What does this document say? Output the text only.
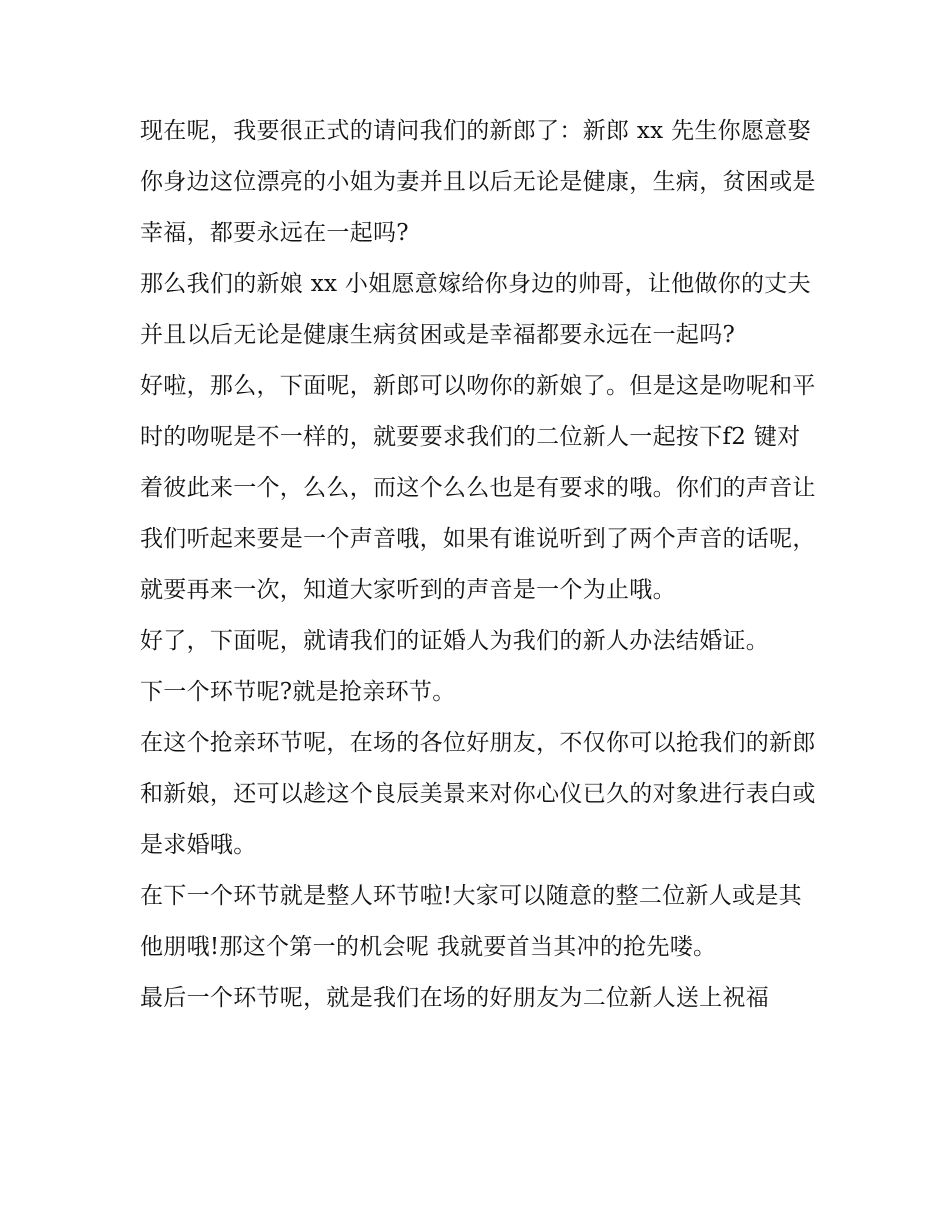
现在呢，我要很正式的请问我们的新郎了：新郎 xx 先生你愿意娶你身边这位漂亮的小姐为妻并且以后无论是健康，生病，贫困或是幸福，都要永远在一起吗?

那么我们的新娘 xx 小姐愿意嫁给你身边的帅哥，让他做你的丈夫并且以后无论是健康生病贫困或是幸福都要永远在一起吗?

好啦，那么，下面呢，新郎可以吻你的新娘了。但是这是吻呢和平时的吻呢是不一样的，就要要求我们的二位新人一起按下f2 键对着彼此来一个，么么，而这个么么也是有要求的哦。你们的声音让我们听起来要是一个声音哦，如果有谁说听到了两个声音的话呢，就要再来一次，知道大家听到的声音是一个为止哦。

好了，下面呢，就请我们的证婚人为我们的新人办法结婚证。

下一个环节呢?就是抢亲环节。

在这个抢亲环节呢，在场的各位好朋友，不仅你可以抢我们的新郎和新娘，还可以趁这个良辰美景来对你心仪已久的对象进行表白或是求婚哦。

在下一个环节就是整人环节啦!大家可以随意的整二位新人或是其他朋哦!那这个第一的机会呢 我就要首当其冲的抢先喽。

最后一个环节呢，就是我们在场的好朋友为二位新人送上祝福
